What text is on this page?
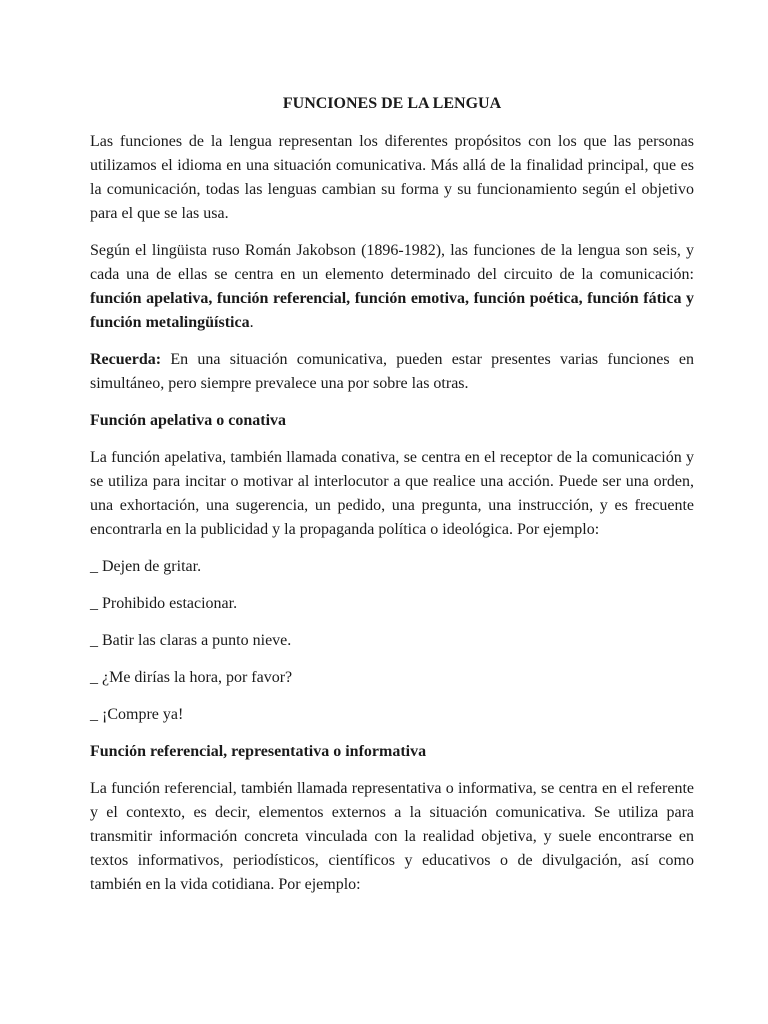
FUNCIONES DE LA LENGUA

Las funciones de la lengua representan los diferentes propósitos con los que las personas utilizamos el idioma en una situación comunicativa. Más allá de la finalidad principal, que es la comunicación, todas las lenguas cambian su forma y su funcionamiento según el objetivo para el que se las usa.

Según el lingüista ruso Román Jakobson (1896-1982), las funciones de la lengua son seis, y cada una de ellas se centra en un elemento determinado del circuito de la comunicación: función apelativa, función referencial, función emotiva, función poética, función fática y función metalingüística.

Recuerda: En una situación comunicativa, pueden estar presentes varias funciones en simultáneo, pero siempre prevalece una por sobre las otras.

Función apelativa o conativa

La función apelativa, también llamada conativa, se centra en el receptor de la comunicación y se utiliza para incitar o motivar al interlocutor a que realice una acción. Puede ser una orden, una exhortación, una sugerencia, un pedido, una pregunta, una instrucción, y es frecuente encontrarla en la publicidad y la propaganda política o ideológica. Por ejemplo:

_ Dejen de gritar.
_ Prohibido estacionar.
_ Batir las claras a punto nieve.
_ ¿Me dirías la hora, por favor?
_ ¡Compre ya!
Función referencial, representativa o informativa

La función referencial, también llamada representativa o informativa, se centra en el referente y el contexto, es decir, elementos externos a la situación comunicativa. Se utiliza para transmitir información concreta vinculada con la realidad objetiva, y suele encontrarse en textos informativos, periodísticos, científicos y educativos o de divulgación, así como también en la vida cotidiana. Por ejemplo:
